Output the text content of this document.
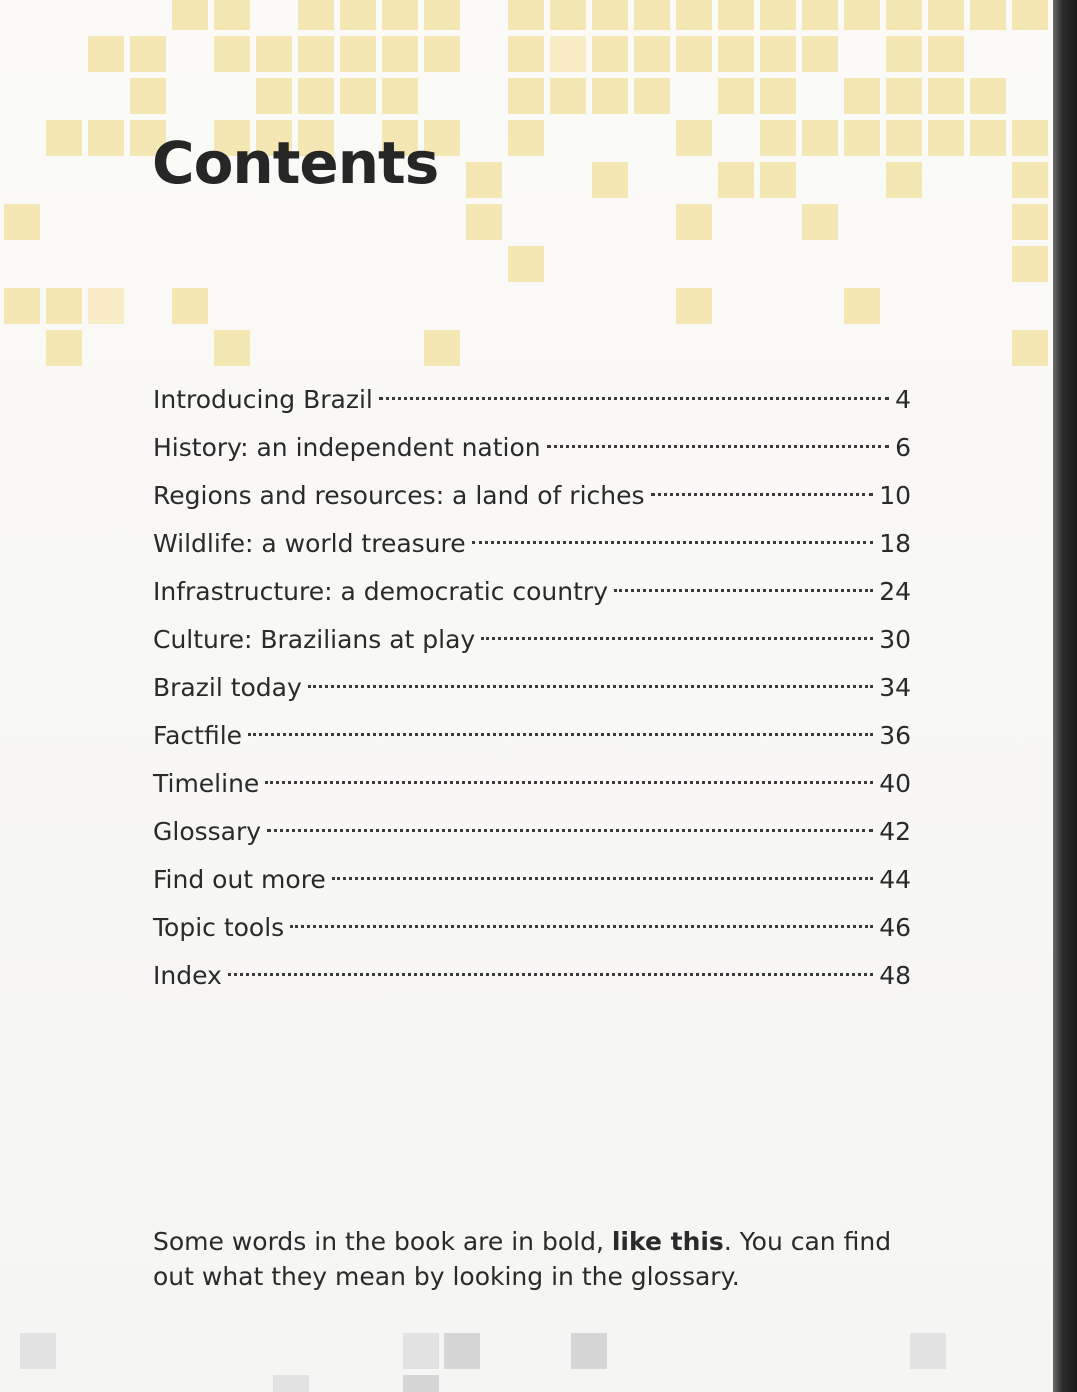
Contents
Introducing Brazil	4
History: an independent nation	6
Regions and resources: a land of riches	10
Wildlife: a world treasure	18
Infrastructure: a democratic country	24
Culture: Brazilians at play	30
Brazil today	34
Factfile	36
Timeline	40
Glossary	42
Find out more	44
Topic tools	46
Index	48

Some words in the book are in bold, like this. You can find out what they mean by looking in the glossary.
